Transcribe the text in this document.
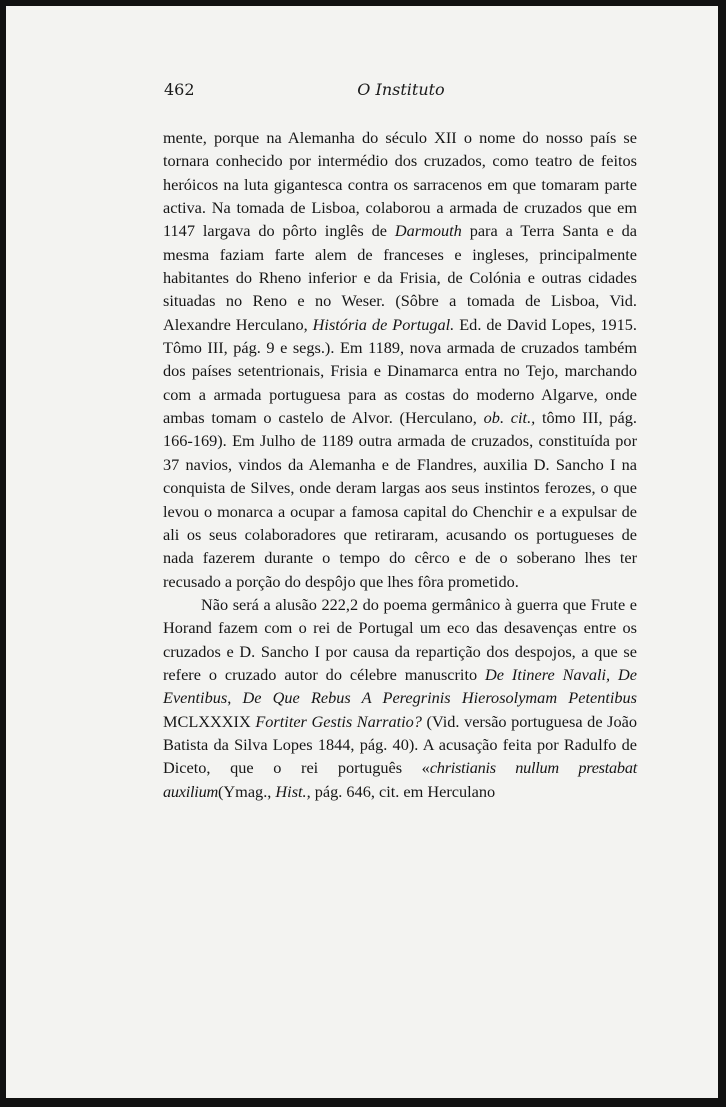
462	O Instituto

mente, porque na Alemanha do século XII o nome do nosso país se tornara conhecido por intermédio dos cruzados, como teatro de feitos heróicos na luta gigantesca contra os sarracenos em que tomaram parte activa. Na tomada de Lisboa, colaborou a armada de cruzados que em 1147 largava do pôrto inglês de Darmouth para a Terra Santa e da mesma faziam farte alem de franceses e ingleses, principalmente habitantes do Rheno inferior e da Frisia, de Colónia e outras cidades situadas no Reno e no Weser. (Sôbre a tomada de Lisboa, Vid. Alexandre Herculano, História de Portugal. Ed. de David Lopes, 1915. Tômo III, pág. 9 e segs.). Em 1189, nova armada de cruzados também dos países setentrionais, Frisia e Dinamarca entra no Tejo, marchando com a armada portuguesa para as costas do moderno Algarve, onde ambas tomam o castelo de Alvor. (Herculano, ob. cit., tômo III, pág. 166-169). Em Julho de 1189 outra armada de cruzados, constituída por 37 navios, vindos da Alemanha e de Flandres, auxilia D. Sancho I na conquista de Silves, onde deram largas aos seus instintos ferozes, o que levou o monarca a ocupar a famosa capital do Chenchir e a expulsar de ali os seus colaboradores que retiraram, acusando os portugueses de nada fazerem durante o tempo do cêrco e de o soberano lhes ter recusado a porção do despôjo que lhes fôra prometido.

Não será a alusão 222,2 do poema germânico à guerra que Frute e Horand fazem com o rei de Portugal um eco das desavenças entre os cruzados e D. Sancho I por causa da repartição dos despojos, a que se refere o cruzado autor do célebre manuscrito De Itinere Navali, De Eventibus, De Que Rebus A Peregrinis Hierosolymam Petentibus MCLXXXIX Fortiter Gestis Narratio? (Vid. versão portuguesa de João Batista da Silva Lopes 1844, pág. 40). A acusação feita por Radulfo de Diceto, que o rei português «christianis nullum prestabat auxilium(Ymag., Hist., pág. 646, cit. em Herculano
